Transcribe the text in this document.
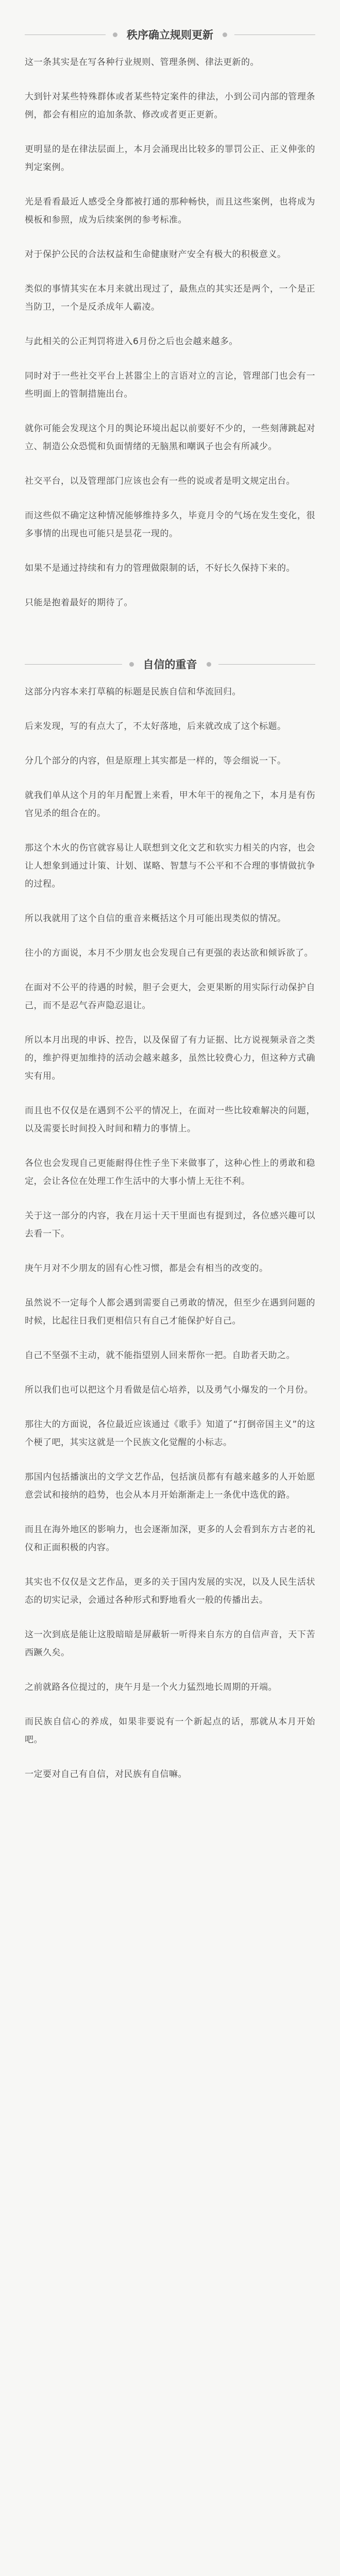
秩序确立规则更新

这一条其实是在写各种行业规则、管理条例、律法更新的。

大到针对某些特殊群体或者某些特定案件的律法，小到公司内部的管理条例，都会有相应的追加条款、修改或者更正更新。

更明显的是在律法层面上，本月会涌现出比较多的罪罚公正、正义伸张的判定案例。

光是看看最近人感受全身都被打通的那种畅快，而且这些案例，也将成为模板和参照，成为后续案例的参考标准。

对于保护公民的合法权益和生命健康财产安全有极大的积极意义。

类似的事情其实在本月来就出现过了，最焦点的其实还是两个，一个是正当防卫，一个是反杀成年人霸凌。

与此相关的公正判罚将进入6月份之后也会越来越多。

同时对于一些社交平台上甚嚣尘上的言语对立的言论，管理部门也会有一些明面上的管制措施出台。

就你可能会发现这个月的舆论环境出起以前要好不少的，一些刻薄跳起对立、制造公众恐慌和负面情绪的无脑黑和嘲讽子也会有所减少。

社交平台，以及管理部门应该也会有一些的说或者是明文规定出台。

而这些似不确定这种情况能够维持多久，毕竟月令的气场在发生变化，很多事情的出现也可能只是昙花一现的。

如果不是通过持续和有力的管理做限制的话，不好长久保持下来的。

只能是抱着最好的期待了。

自信的重音

这部分内容本来打草稿的标题是民族自信和华流回归。

后来发现，写的有点大了，不太好落地，后来就改成了这个标题。

分几个部分的内容，但是原理上其实都是一样的，等会细说一下。

就我们单从这个月的年月配置上来看，甲木年干的视角之下，本月是有伤官见杀的组合在的。

那这个木火的伤官就容易让人联想到文化文艺和软实力相关的内容，也会让人想象到通过计策、计划、谋略、智慧与不公平和不合理的事情做抗争的过程。

所以我就用了这个自信的重音来概括这个月可能出现类似的情况。

往小的方面说，本月不少朋友也会发现自己有更强的表达欲和倾诉欲了。

在面对不公平的待遇的时候，胆子会更大，会更果断的用实际行动保护自己，而不是忍气吞声隐忍退让。

所以本月出现的申诉、控告，以及保留了有力证据、比方说视频录音之类的，维护得更加维持的活动会越来越多，虽然比较费心力，但这种方式确实有用。

而且也不仅仅是在遇到不公平的情况上，在面对一些比较难解决的问题，以及需要长时间投入时间和精力的事情上。

各位也会发现自己更能耐得住性子坐下来做事了，这种心性上的勇敢和稳定，会让各位在处理工作生活中的大事小情上无往不利。

关于这一部分的内容，我在月运十天干里面也有提到过，各位感兴趣可以去看一下。

庚午月对不少朋友的固有心性习惯，都是会有相当的改变的。

虽然说不一定每个人都会遇到需要自己勇敢的情况，但至少在遇到问题的时候，比起往日我们更相信只有自己才能保护好自己。

自己不坚强不主动，就不能指望别人回来帮你一把。自助者天助之。

所以我们也可以把这个月看做是信心培养，以及勇气小爆发的一个月份。

那往大的方面说，各位最近应该通过《歌手》知道了“打倒帝国主义”的这个梗了吧，其实这就是一个民族文化觉醒的小标志。

那国内包括播演出的文学文艺作品，包括演员都有有越来越多的人开始愿意尝试和接纳的趋势，也会从本月开始渐渐走上一条优中选优的路。

而且在海外地区的影响力，也会逐渐加深，更多的人会看到东方古老的礼仪和正面积极的内容。

其实也不仅仅是文艺作品，更多的关于国内发展的实况，以及人民生活状态的切实记录，会通过各种形式和野地看火一般的传播出去。

这一次到底是能让这股暗暗是屏蔽斩一听得来自东方的自信声音，天下苦西蹶久矣。

之前就路各位提过的，庚午月是一个火力猛烈地长周期的开端。

而民族自信心的养成，如果非要说有一个新起点的话，那就从本月开始吧。

一定要对自己有自信，对民族有自信嘛。
